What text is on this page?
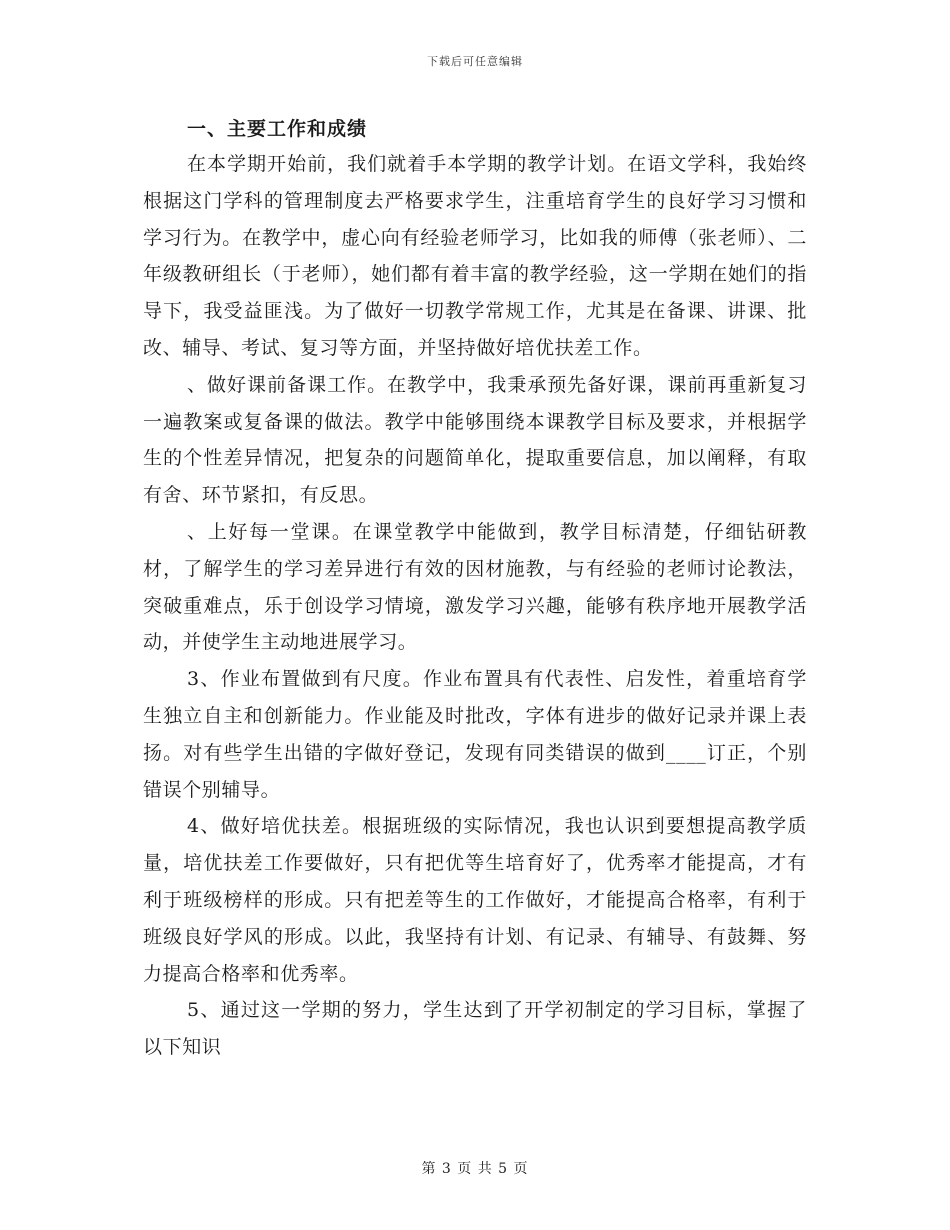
下载后可任意编辑
一、主要工作和成绩

在本学期开始前，我们就着手本学期的教学计划。在语文学科，我始终根据这门学科的管理制度去严格要求学生，注重培育学生的良好学习习惯和学习行为。在教学中，虚心向有经验老师学习，比如我的师傅（张老师）、二年级教研组长（于老师），她们都有着丰富的教学经验，这一学期在她们的指导下，我受益匪浅。为了做好一切教学常规工作，尤其是在备课、讲课、批改、辅导、考试、复习等方面，并坚持做好培优扶差工作。

、做好课前备课工作。在教学中，我秉承预先备好课，课前再重新复习一遍教案或复备课的做法。教学中能够围绕本课教学目标及要求，并根据学生的个性差异情况，把复杂的问题简单化，提取重要信息，加以阐释，有取有舍、环节紧扣，有反思。

、上好每一堂课。在课堂教学中能做到，教学目标清楚，仔细钻研教材，了解学生的学习差异进行有效的因材施教，与有经验的老师讨论教法，突破重难点，乐于创设学习情境，激发学习兴趣，能够有秩序地开展教学活动，并使学生主动地进展学习。

3、作业布置做到有尺度。作业布置具有代表性、启发性，着重培育学生独立自主和创新能力。作业能及时批改，字体有进步的做好记录并课上表扬。对有些学生出错的字做好登记，发现有同类错误的做到____订正，个别错误个别辅导。

4、做好培优扶差。根据班级的实际情况，我也认识到要想提高教学质量，培优扶差工作要做好，只有把优等生培育好了，优秀率才能提高，才有利于班级榜样的形成。只有把差等生的工作做好，才能提高合格率，有利于班级良好学风的形成。以此，我坚持有计划、有记录、有辅导、有鼓舞、努力提高合格率和优秀率。

5、通过这一学期的努力，学生达到了开学初制定的学习目标，掌握了以下知识

第 3 页 共 5 页
